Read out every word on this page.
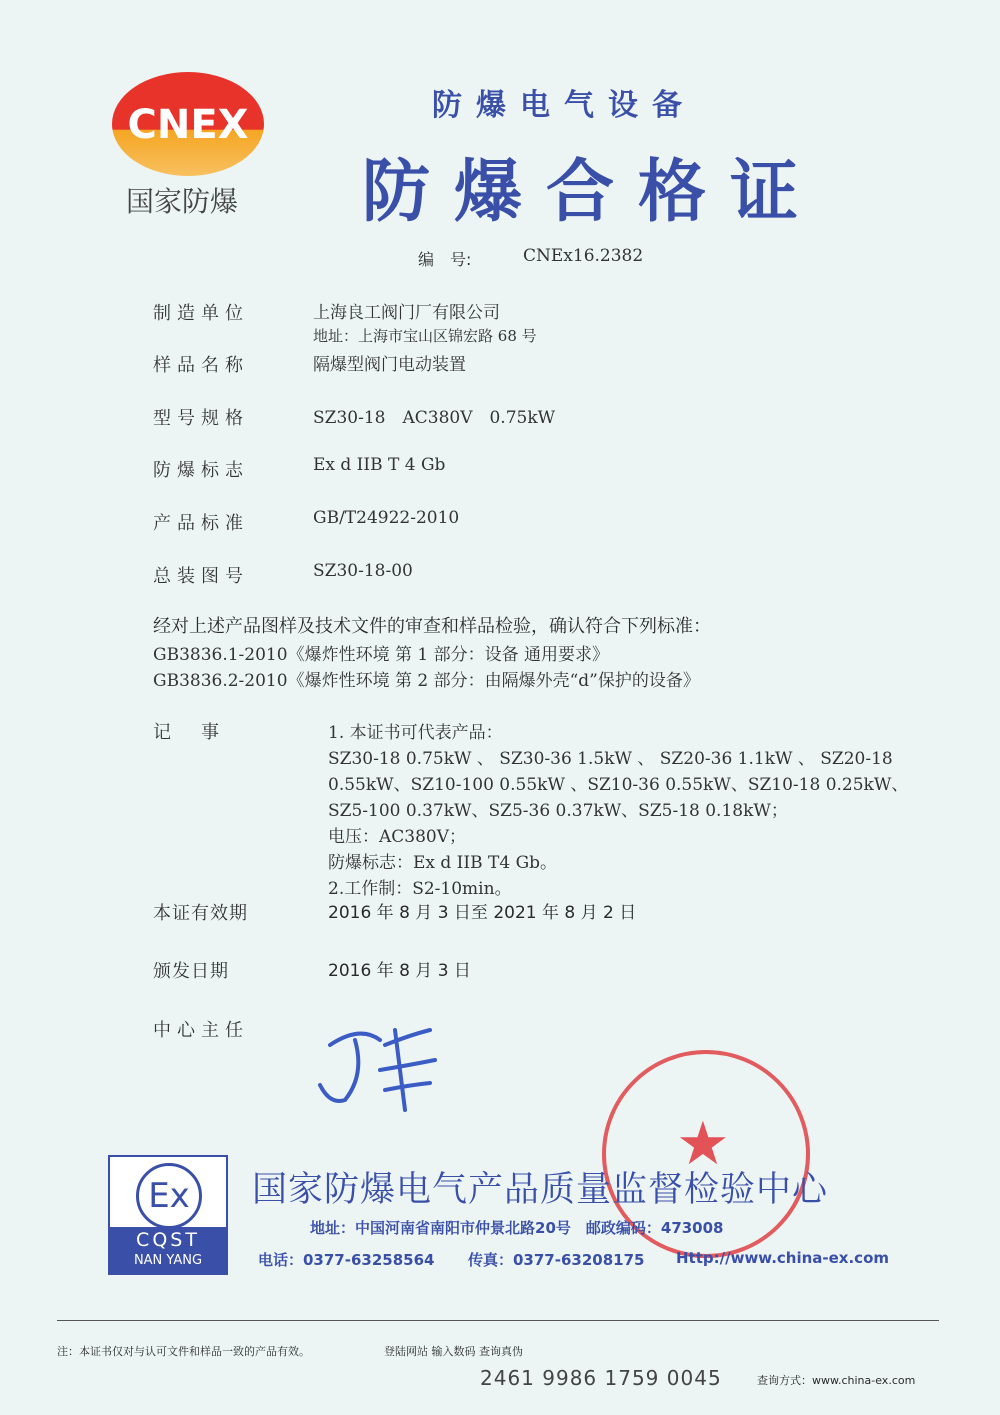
CNEX
国家防爆
防爆电气设备
防爆合格证
编　号:	CNEx16.2382
制造单位	上海良工阀门厂有限公司
地址：上海市宝山区锦宏路 68 号
样品名称	隔爆型阀门电动装置
型号规格	SZ30-18　AC380V　0.75kW
防爆标志	Ex d IIB T 4 Gb
产品标准	GB/T24922-2010
总装图号	SZ30-18-00
经对上述产品图样及技术文件的审查和样品检验，确认符合下列标准：
GB3836.1-2010《爆炸性环境 第 1 部分：设备 通用要求》
GB3836.2-2010《爆炸性环境 第 2 部分：由隔爆外壳“d”保护的设备》
记　事	1. 本证书可代表产品：
SZ30-18 0.75kW 、 SZ30-36 1.5kW 、 SZ20-36 1.1kW 、 SZ20-18
0.55kW、SZ10-100 0.55kW 、SZ10-36 0.55kW、SZ10-18 0.25kW、
SZ5-100 0.37kW、SZ5-36 0.37kW、SZ5-18 0.18kW；
电压：AC380V；
防爆标志：Ex d IIB T4 Gb。
2.工作制：S2-10min。
本证有效期	2016 年 8 月 3 日至 2021 年 8 月 2 日
颁发日期	2016 年 8 月 3 日
中心主任
Ex
CQST
NAN YANG
★
国家防爆电气产品质量监督检验中心
地址：中国河南省南阳市仲景北路20号　邮政编码：473008
电话：0377-63258564 传真：0377-63208175 Http://www.china-ex.com
注：本证书仅对与认可文件和样品一致的产品有效。	登陆网站 输入数码 查询真伪
2461 9986 1759 0045	查询方式：www.china-ex.com
